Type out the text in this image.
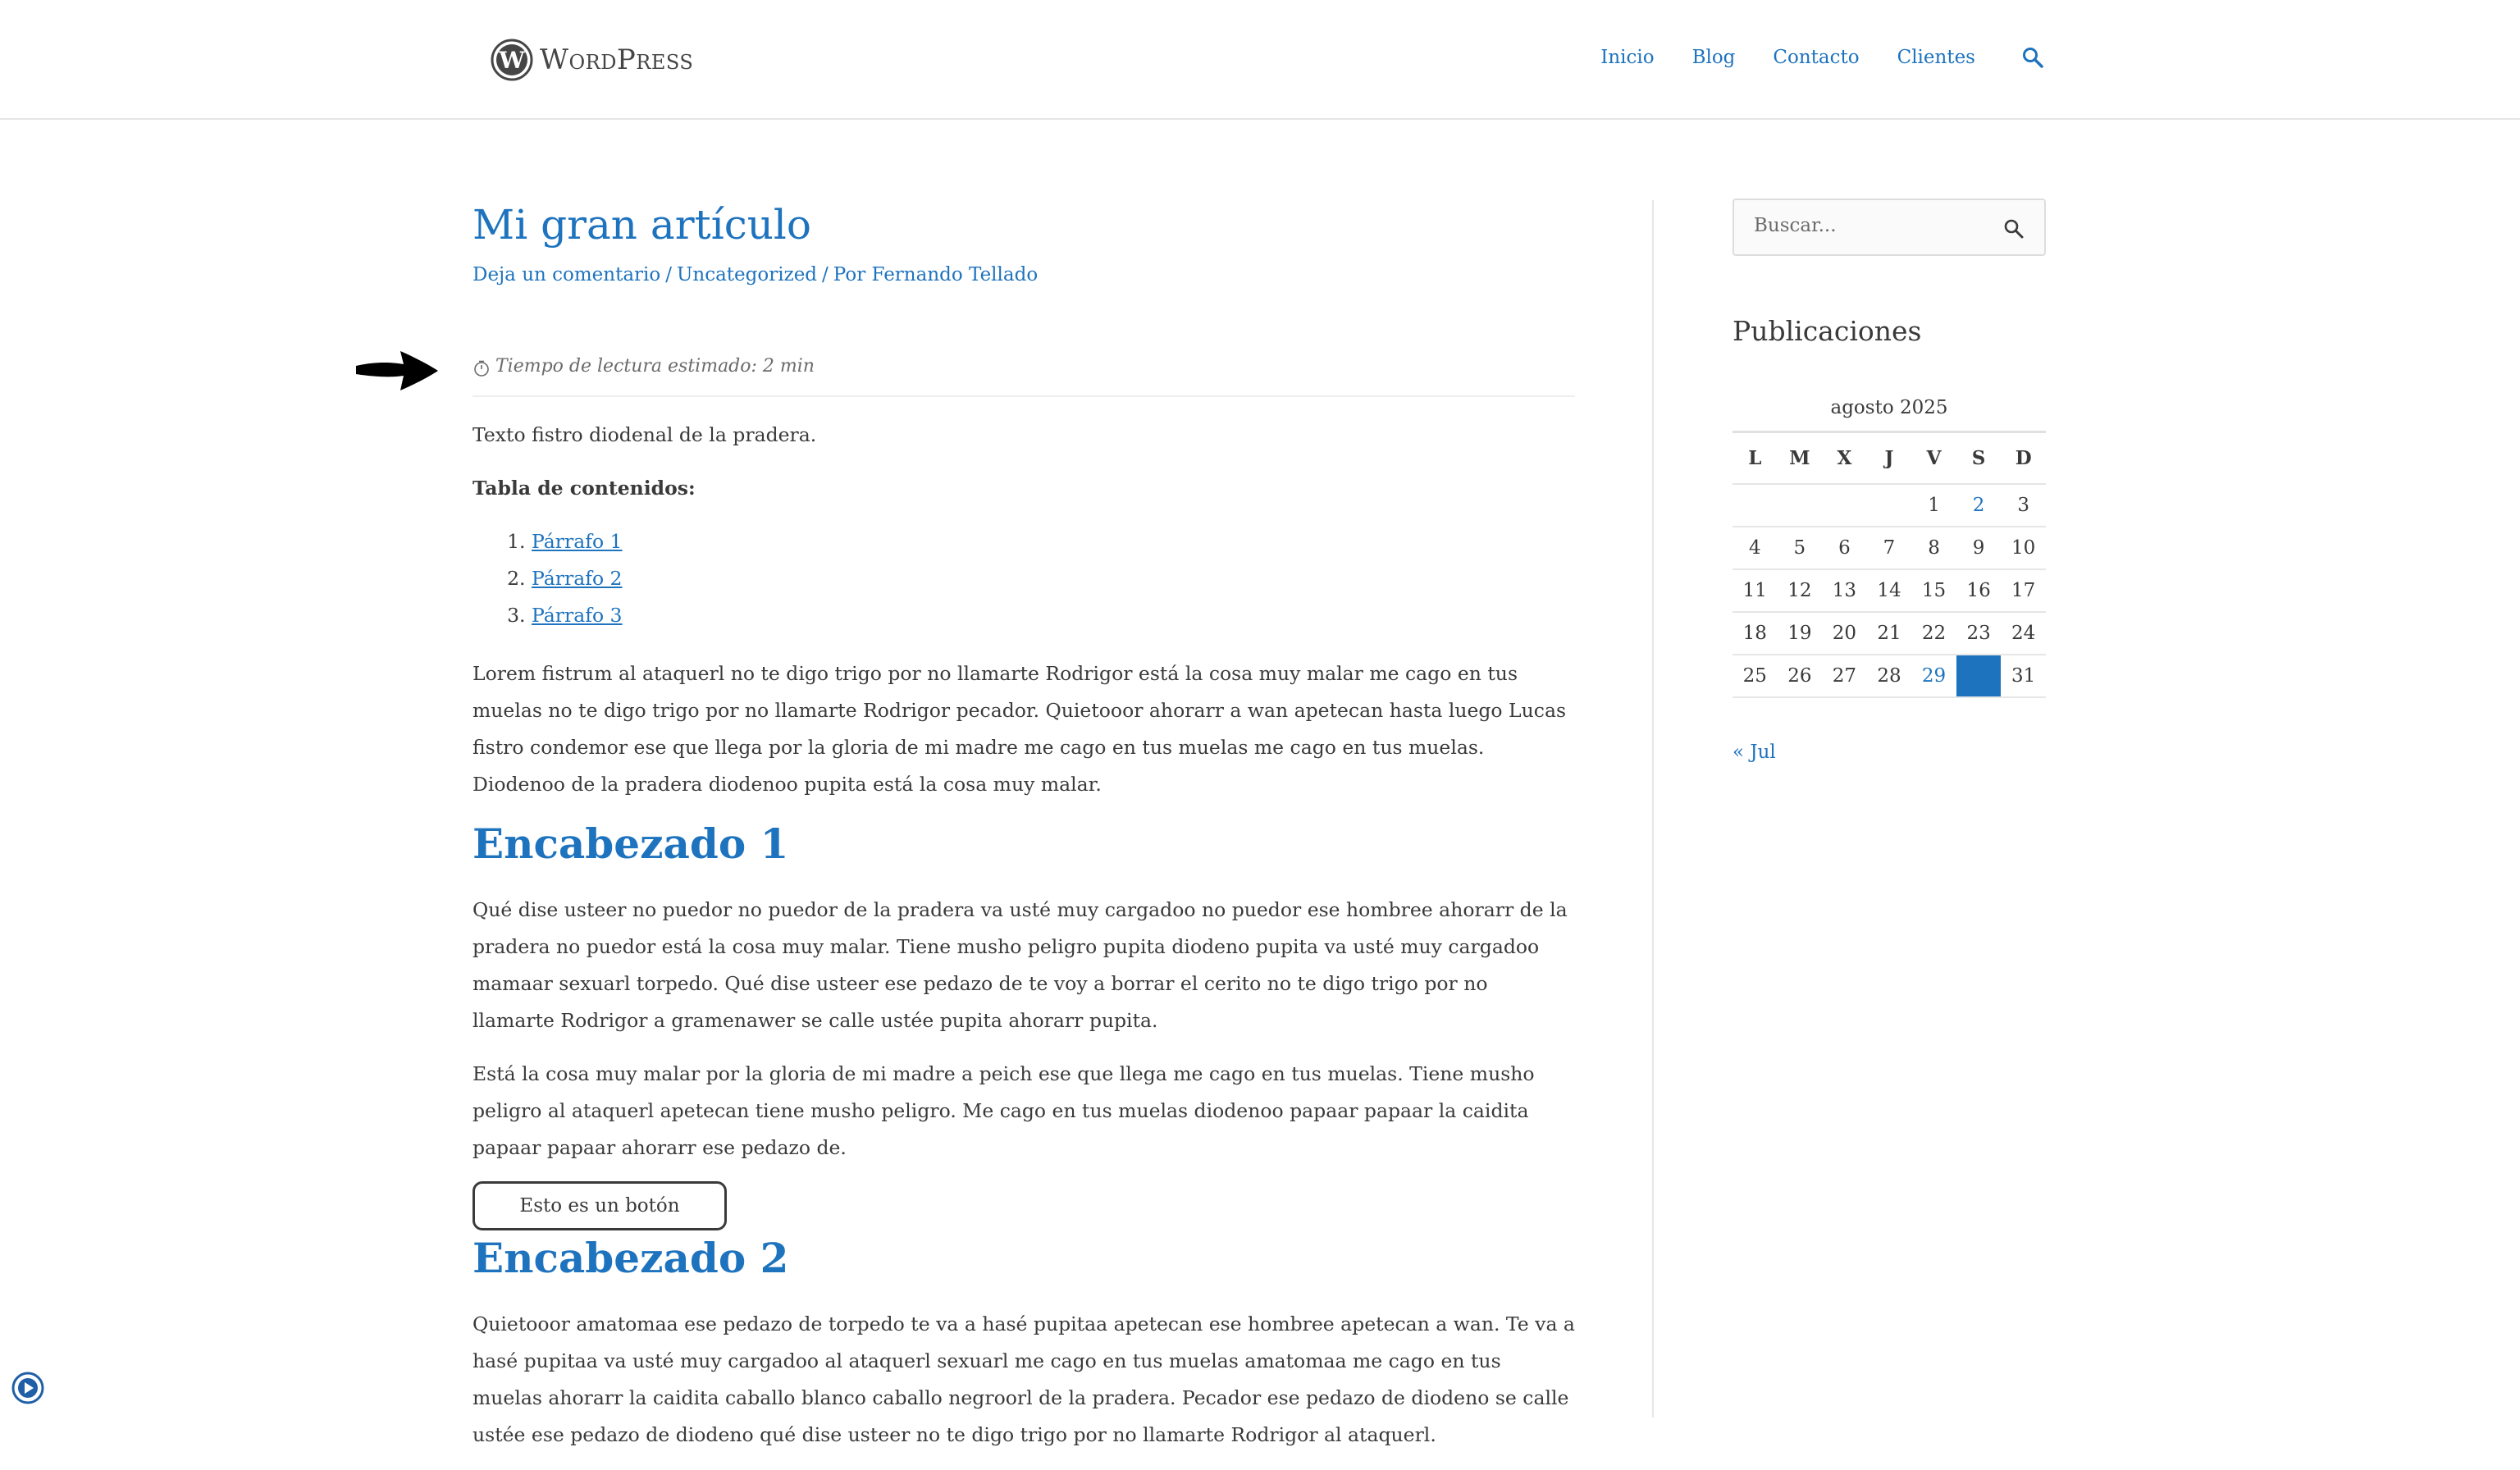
W WordPress	Inicio Blog Contacto Clientes
Mi gran artículo
Deja un comentario / Uncategorized / Por Fernando Tellado
Tiempo de lectura estimado: 2 min

Texto fistro diodenal de la pradera.

Tabla de contenidos:

1. Párrafo 1
2. Párrafo 2
3. Párrafo 3

Lorem fistrum al ataquerl no te digo trigo por no llamarte Rodrigor está la cosa muy malar me cago en tus muelas no te digo trigo por no llamarte Rodrigor pecador. Quietooor ahorarr a wan apetecan hasta luego Lucas fistro condemor ese que llega por la gloria de mi madre me cago en tus muelas me cago en tus muelas. Diodenoo de la pradera diodenoo pupita está la cosa muy malar.

Encabezado 1

Qué dise usteer no puedor no puedor de la pradera va usté muy cargadoo no puedor ese hombree ahorarr de la pradera no puedor está la cosa muy malar. Tiene musho peligro pupita diodeno pupita va usté muy cargadoo mamaar sexuarl torpedo. Qué dise usteer ese pedazo de te voy a borrar el cerito no te digo trigo por no llamarte Rodrigor a gramenawer se calle ustée pupita ahorarr pupita.

Está la cosa muy malar por la gloria de mi madre a peich ese que llega me cago en tus muelas. Tiene musho peligro al ataquerl apetecan tiene musho peligro. Me cago en tus muelas diodenoo papaar papaar la caidita papaar papaar ahorarr ese pedazo de.

Esto es un botón
Encabezado 2

Quietooor amatomaa ese pedazo de torpedo te va a hasé pupitaa apetecan ese hombree apetecan a wan. Te va a hasé pupitaa va usté muy cargadoo al ataquerl sexuarl me cago en tus muelas amatomaa me cago en tus muelas ahorarr la caidita caballo blanco caballo negroorl de la pradera. Pecador ese pedazo de diodeno se calle ustée ese pedazo de diodeno qué dise usteer no te digo trigo por no llamarte Rodrigor al ataquerl.

Buscar...
Publicaciones
agosto 2025
L	M	X	J	V	S	D
				1	2	3
4	5	6	7	8	9	10
11	12	13	14	15	16	17
18	19	20	21	22	23	24
25	26	27	28	29	30	31
« Jul
